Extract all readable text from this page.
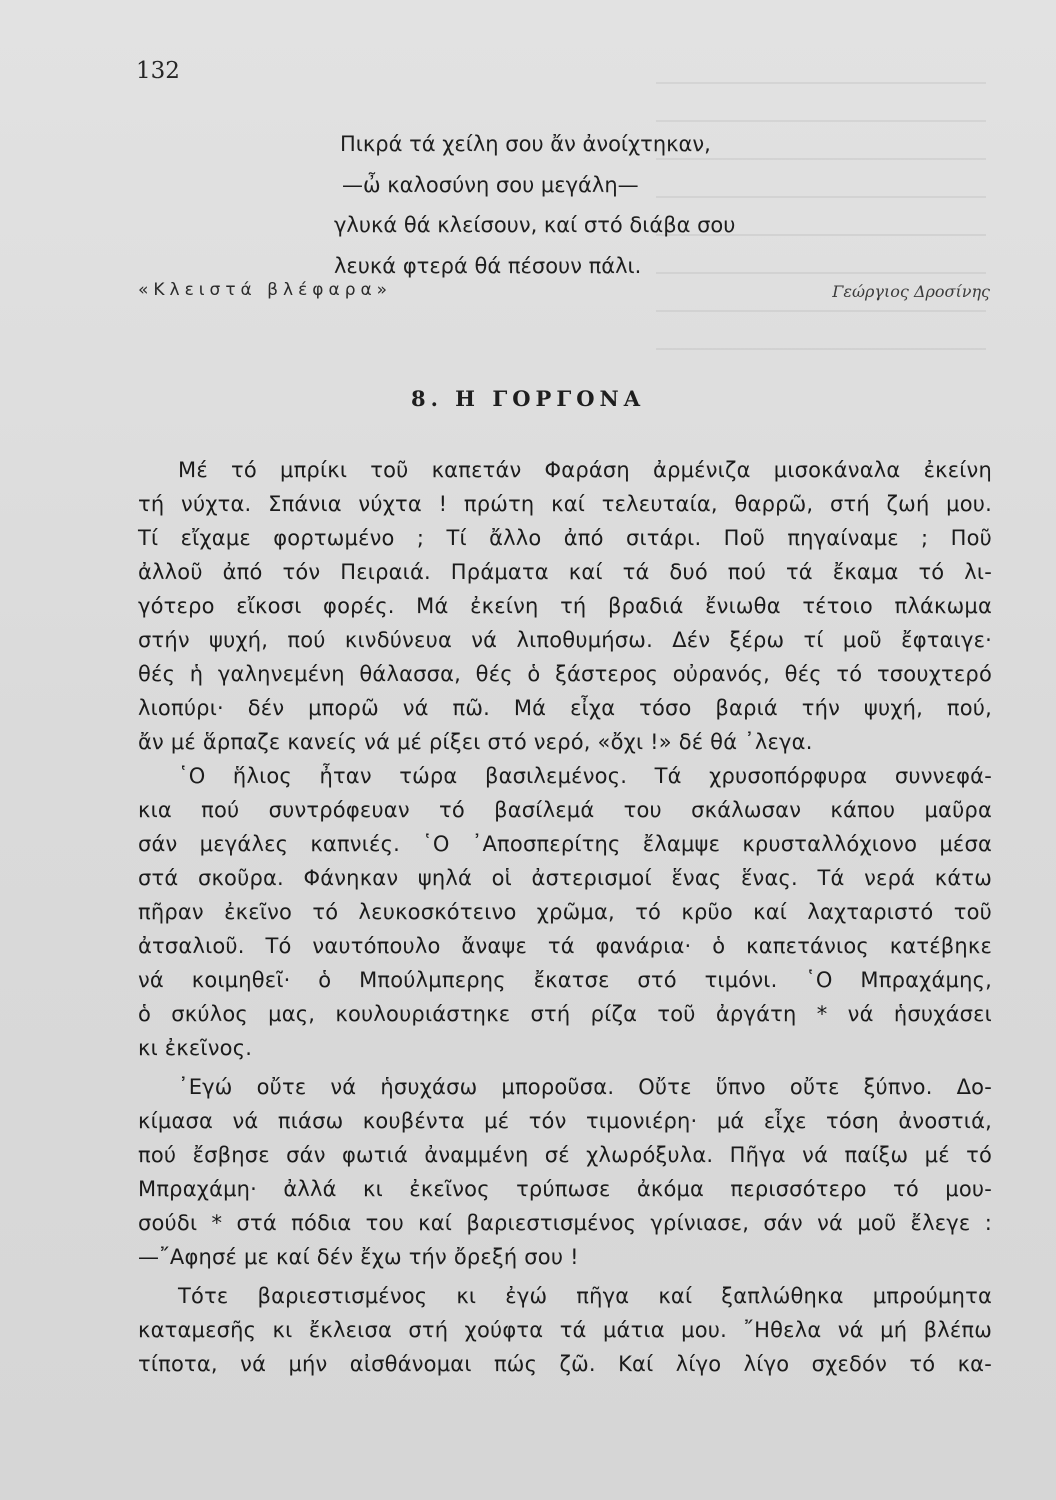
132
Πικρά τά χείλη σου ἄν ἀνοίχτηκαν,
—ὦ καλοσύνη σου μεγάλη—
γλυκά θά κλείσουν, καί στό διάβα σου
λευκά φτερά θά πέσουν πάλι.
«Κλειστά βλέφαρα»	Γεώργιος Δροσίνης
8. Η ΓΟΡΓΟΝΑ
Μέ τό μπρίκι τοῦ καπετάν Φαράση ἀρμένιζα μισοκάναλα ἐκείνη
τή νύχτα. Σπάνια νύχτα ! πρώτη καί τελευταία, θαρρῶ, στή ζωή μου.
Τί εἴχαμε φορτωμένο ; Τί ἄλλο ἀπό σιτάρι. Ποῦ πηγαίναμε ; Ποῦ
ἀλλοῦ ἀπό τόν Πειραιά. Πράματα καί τά δυό πού τά ἔκαμα τό λι-
γότερο εἴκοσι φορές. Μά ἐκείνη τή βραδιά ἔνιωθα τέτοιο πλάκωμα
στήν ψυχή, πού κινδύνευα νά λιποθυμήσω. Δέν ξέρω τί μοῦ ἔφταιγε·
θές ἡ γαληνεμένη θάλασσα, θές ὁ ξάστερος οὐρανός, θές τό τσουχτερό
λιοπύρι· δέν μπορῶ νά πῶ. Μά εἶχα τόσο βαριά τήν ψυχή, πού,
ἄν μέ ἅρπαζε κανείς νά μέ ρίξει στό νερό, «ὄχι !» δέ θά ᾽λεγα.
῾Ο ἥλιος ἦταν τώρα βασιλεμένος. Τά χρυσοπόρφυρα συννεφά-
κια πού συντρόφευαν τό βασίλεμά του σκάλωσαν κάπου μαῦρα
σάν μεγάλες καπνιές. ῾Ο ᾽Αποσπερίτης ἔλαμψε κρυσταλλόχιονο μέσα
στά σκοῦρα. Φάνηκαν ψηλά οἱ ἀστερισμοί ἕνας ἕνας. Τά νερά κάτω
πῆραν ἐκεῖνο τό λευκοσκότεινο χρῶμα, τό κρῦο καί λαχταριστό τοῦ
ἀτσαλιοῦ. Τό ναυτόπουλο ἄναψε τά φανάρια· ὁ καπετάνιος κατέβηκε
νά κοιμηθεῖ· ὁ Μπούλμπερης ἔκατσε στό τιμόνι. ῾Ο Μπραχάμης,
ὁ σκύλος μας, κουλουριάστηκε στή ρίζα τοῦ ἀργάτη * νά ἡσυχάσει
κι ἐκεῖνος.
᾽Εγώ οὔτε νά ἡσυχάσω μποροῦσα. Οὔτε ὕπνο οὔτε ξύπνο. Δο-
κίμασα νά πιάσω κουβέντα μέ τόν τιμονιέρη· μά εἶχε τόση ἀνοστιά,
πού ἔσβησε σάν φωτιά ἀναμμένη σέ χλωρόξυλα. Πῆγα νά παίξω μέ τό
Μπραχάμη· ἀλλά κι ἐκεῖνος τρύπωσε ἀκόμα περισσότερο τό μου-
σούδι * στά πόδια του καί βαριεστισμένος γρίνιασε, σάν νά μοῦ ἔλεγε :
—῎Αφησέ με καί δέν ἔχω τήν ὄρεξή σου !
Τότε βαριεστισμένος κι ἐγώ πῆγα καί ξαπλώθηκα μπρούμητα
καταμεσῆς κι ἔκλεισα στή χούφτα τά μάτια μου. ῎Ηθελα νά μή βλέπω
τίποτα, νά μήν αἰσθάνομαι πώς ζῶ. Καί λίγο λίγο σχεδόν τό κα-
